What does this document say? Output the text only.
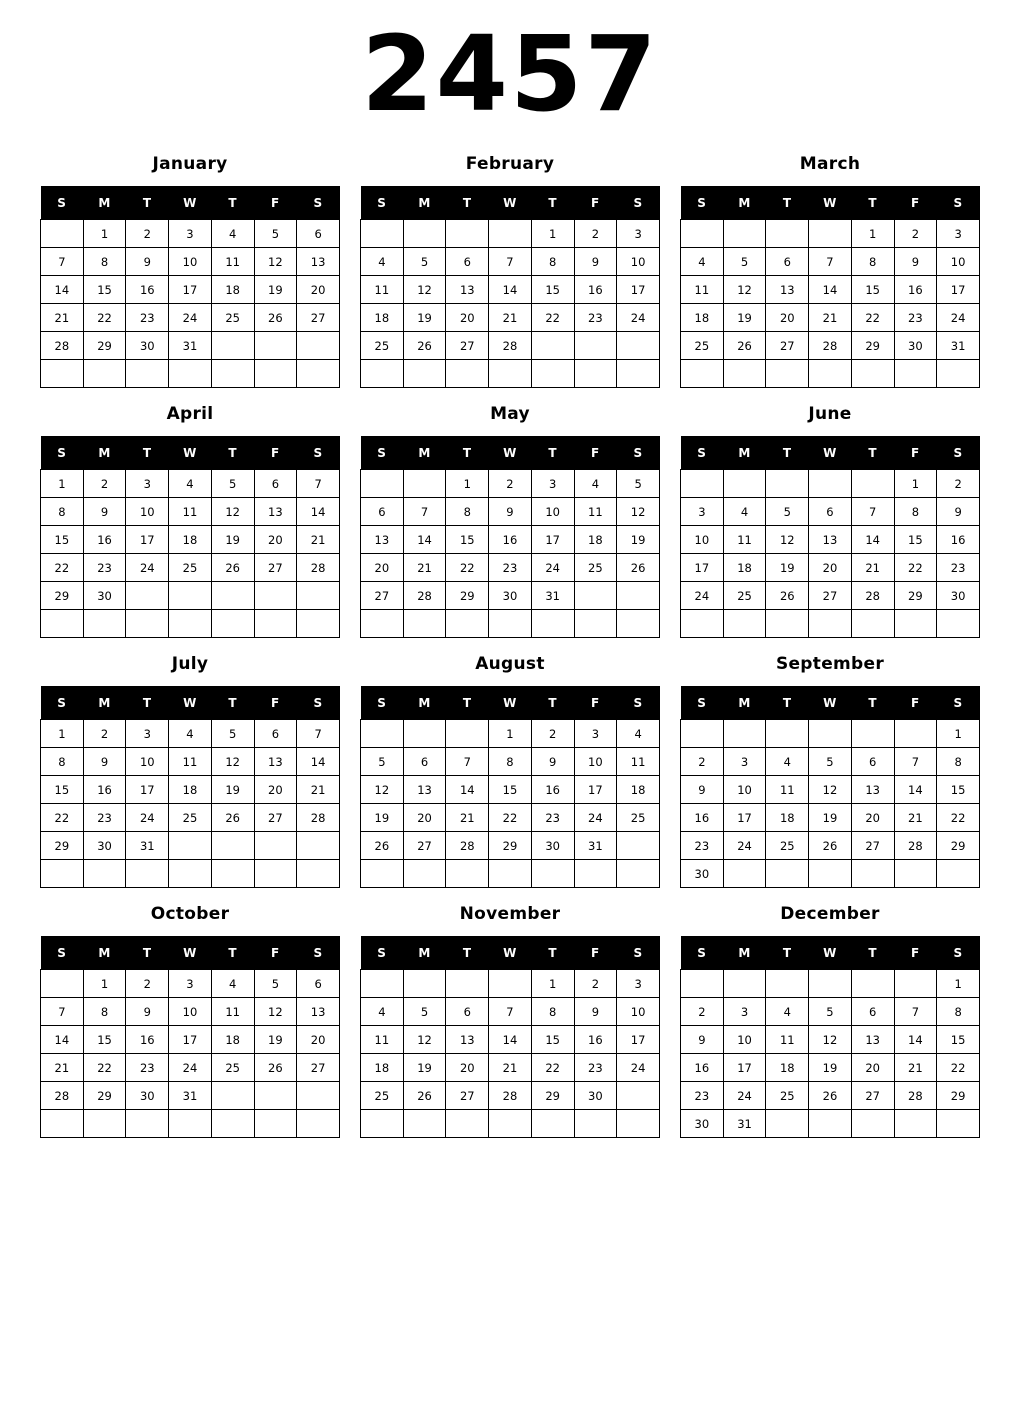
2457
January
S	M	T	W	T	F	S
	1	2	3	4	5	6
7	8	9	10	11	12	13
14	15	16	17	18	19	20
21	22	23	24	25	26	27
28	29	30	31			

February
S	M	T	W	T	F	S
				1	2	3
4	5	6	7	8	9	10
11	12	13	14	15	16	17
18	19	20	21	22	23	24
25	26	27	28			

March
S	M	T	W	T	F	S
				1	2	3
4	5	6	7	8	9	10
11	12	13	14	15	16	17
18	19	20	21	22	23	24
25	26	27	28	29	30	31

April
S	M	T	W	T	F	S
1	2	3	4	5	6	7
8	9	10	11	12	13	14
15	16	17	18	19	20	21
22	23	24	25	26	27	28
29	30					

May
S	M	T	W	T	F	S
		1	2	3	4	5
6	7	8	9	10	11	12
13	14	15	16	17	18	19
20	21	22	23	24	25	26
27	28	29	30	31		

June
S	M	T	W	T	F	S
					1	2
3	4	5	6	7	8	9
10	11	12	13	14	15	16
17	18	19	20	21	22	23
24	25	26	27	28	29	30

July
S	M	T	W	T	F	S
1	2	3	4	5	6	7
8	9	10	11	12	13	14
15	16	17	18	19	20	21
22	23	24	25	26	27	28
29	30	31				

August
S	M	T	W	T	F	S
			1	2	3	4
5	6	7	8	9	10	11
12	13	14	15	16	17	18
19	20	21	22	23	24	25
26	27	28	29	30	31	

September
S	M	T	W	T	F	S
						1
2	3	4	5	6	7	8
9	10	11	12	13	14	15
16	17	18	19	20	21	22
23	24	25	26	27	28	29
30						
October
S	M	T	W	T	F	S
	1	2	3	4	5	6
7	8	9	10	11	12	13
14	15	16	17	18	19	20
21	22	23	24	25	26	27
28	29	30	31			

November
S	M	T	W	T	F	S
				1	2	3
4	5	6	7	8	9	10
11	12	13	14	15	16	17
18	19	20	21	22	23	24
25	26	27	28	29	30	

December
S	M	T	W	T	F	S
						1
2	3	4	5	6	7	8
9	10	11	12	13	14	15
16	17	18	19	20	21	22
23	24	25	26	27	28	29
30	31					
